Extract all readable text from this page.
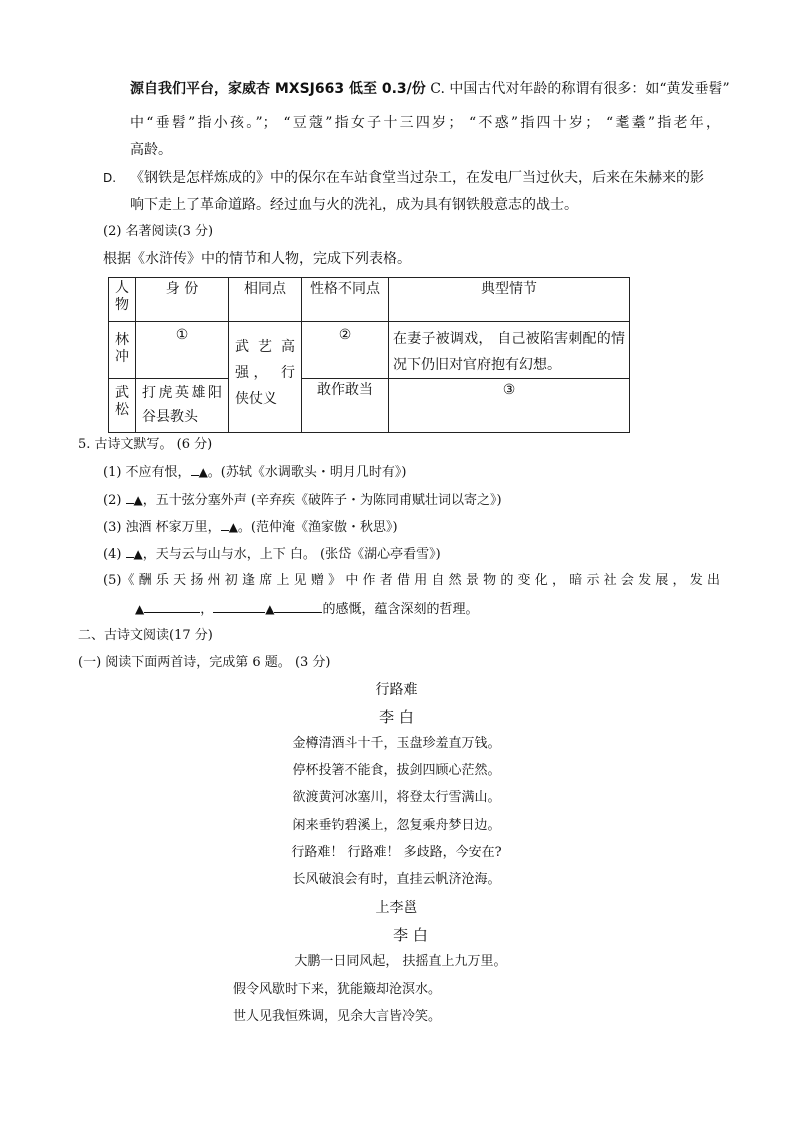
源自我们平台，家威杏 MXSJ663 低至 0.3/份 C. 中国古代对年龄的称谓有很多：如“黄发垂髫”
中“垂髫”指小孩。”； “豆蔻”指女子十三四岁； “不惑”指四十岁； “耄耋”指老年，
高龄。
D. 《钢铁是怎样炼成的》中的保尔在车站食堂当过杂工，在发电厂当过伙夫，后来在朱赫来的影
响下走上了革命道路。经过血与火的洗礼，成为具有钢铁般意志的战士。
(2) 名著阅读(3 分)
根据《水浒传》中的情节和人物，完成下列表格。
人物	身 份	相同点	性格不同点	典型情节
林冲	①	武 艺 高 强， 行侠仗义	②	在妻子被调戏， 自己被陷害刺配的情况下仍旧对官府抱有幻想。
武松	打虎英雄阳谷县教头		敢作敢当	③
5. 古诗文默写。 (6 分)
(1) 不应有恨， ▲。(苏轼《水调歌头・明月几时有》)
(2) ▲，五十弦分塞外声 (辛弃疾《破阵子・为陈同甫赋壮词以寄之》)
(3) 浊酒 杯家万里， ▲。(范仲淹《渔家傲・秋思》)
(4) ▲，天与云与山与水，上下 白。 (张岱《湖心亭看雪》)
(5)《 酬 乐 天 扬 州 初 逢 席 上 见 赠 》 中 作 者 借 用 自 然 景 物 的 变 化 ， 暗 示 社 会 发 展 ， 发 出
▲	，	▲	的感慨，蕴含深刻的哲理。
二、古诗文阅读(17 分)
(一) 阅读下面两首诗，完成第 6 题。 (3 分)
行路难
李 白
金樽清酒斗十千，玉盘珍羞直万钱。
停杯投箸不能食，拔剑四顾心茫然。
欲渡黄河冰塞川，将登太行雪满山。
闲来垂钓碧溪上，忽复乘舟梦日边。
行路难！ 行路难！ 多歧路，今安在?
长风破浪会有时，直挂云帆济沧海。
上李邕
李 白
大鹏一日同风起， 扶摇直上九万里。
假令风歇时下来，犹能簸却沧溟水。
世人见我恒殊调，见余大言皆冷笑。
